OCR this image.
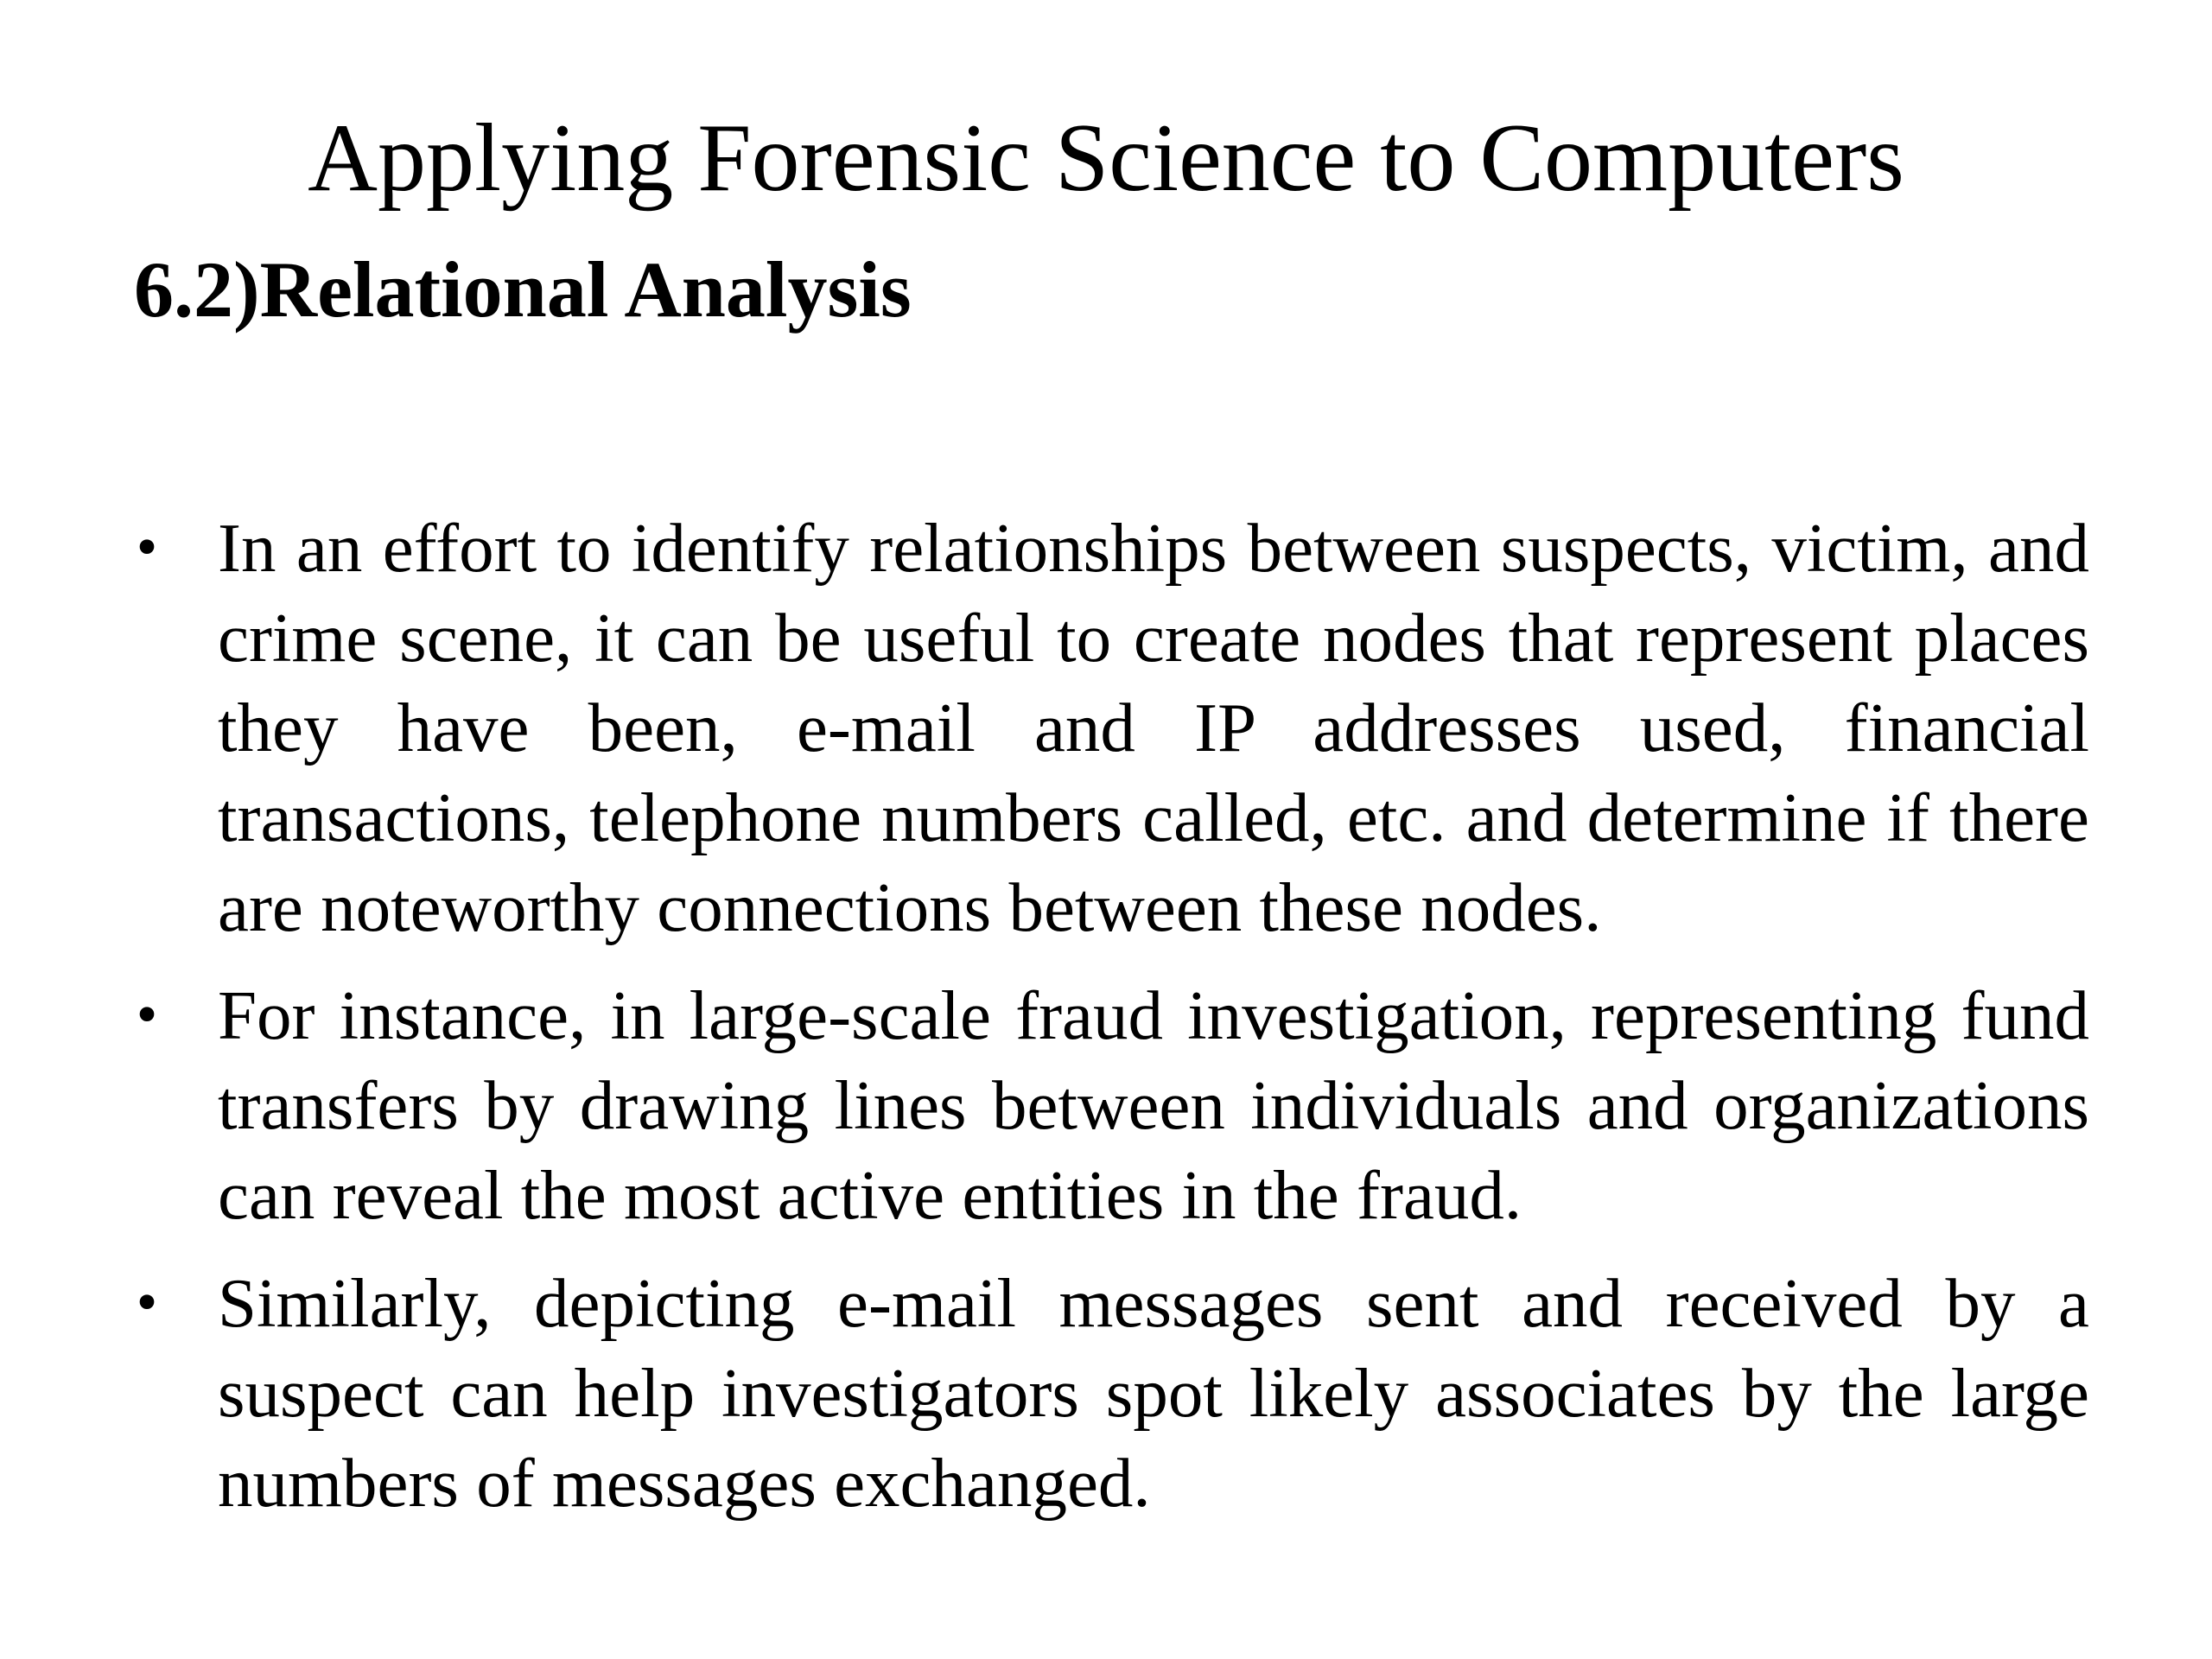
Applying Forensic Science to Computers
6.2)Relational Analysis
• In an effort to identify relationships between suspects, victim, and crime scene, it can be useful to create nodes that represent places they have been, e-mail and IP addresses used, financial transactions, telephone numbers called, etc. and determine if there are noteworthy connections between these nodes.
• For instance, in large-scale fraud investigation, representing fund transfers by drawing lines between individuals and organizations can reveal the most active entities in the fraud.
• Similarly, depicting e-mail messages sent and received by a suspect can help investigators spot likely associates by the large numbers of messages exchanged.
